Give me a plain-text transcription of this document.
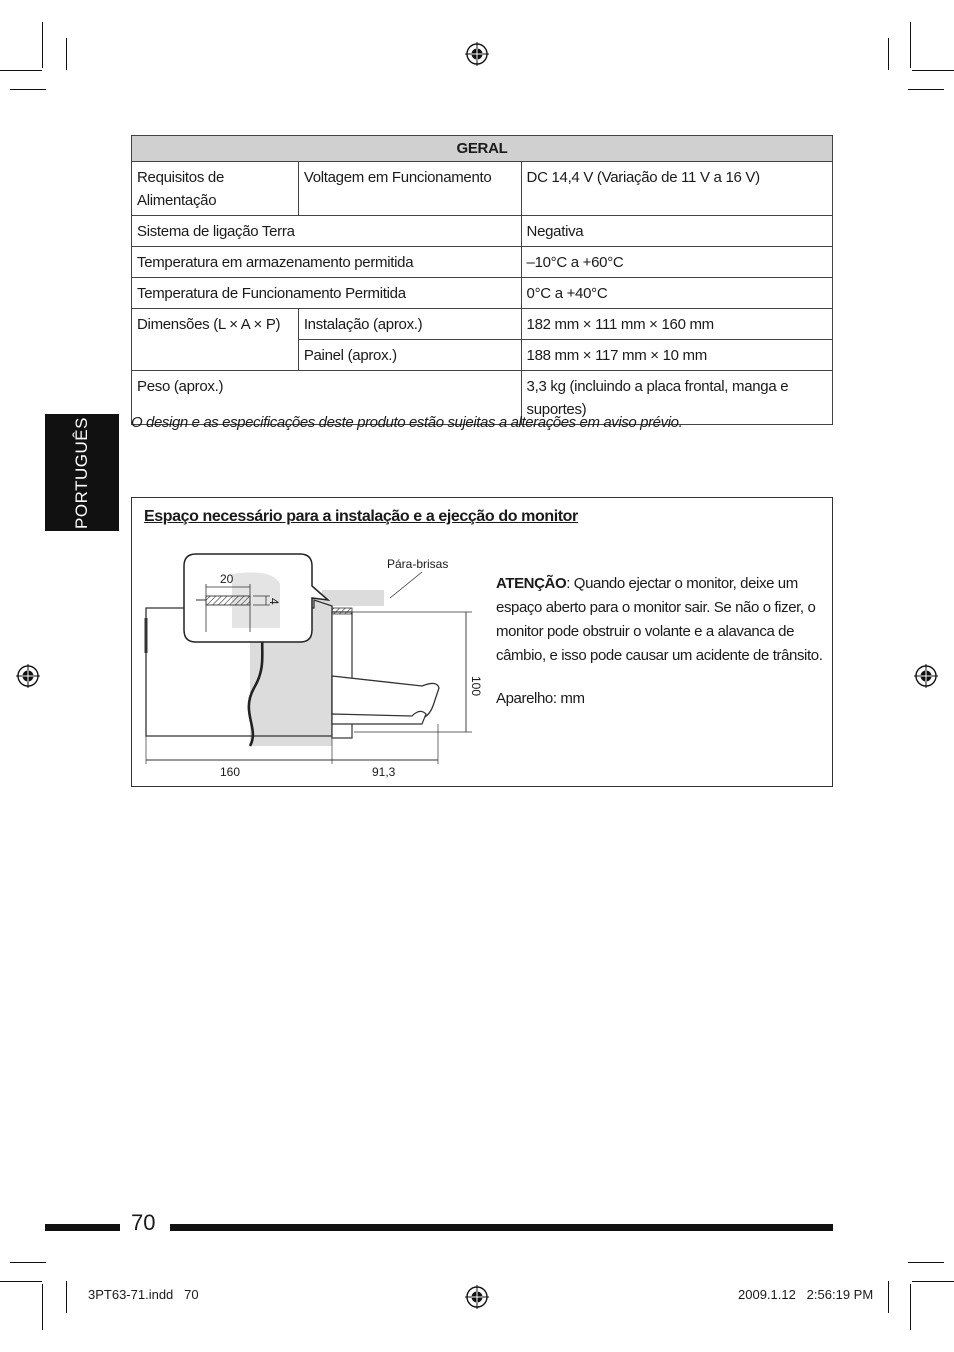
GERAL		
Requisitos de Alimentação	Voltagem em Funcionamento	DC 14,4 V (Variação de 11 V a 16 V)
Sistema de ligação Terra		Negativa
Temperatura em armazenamento permitida		–10°C a +60°C
Temperatura de Funcionamento Permitida		0°C a +40°C
Dimensões (L × A × P)	Instalação (aprox.)	182 mm × 111 mm × 160 mm
	Painel (aprox.)	188 mm × 117 mm × 10 mm
Peso (aprox.)		3,3 kg (incluindo a placa frontal, manga e suportes)
O design e as especificações deste produto estão sujeitas a alterações em aviso prévio.
PORTUGUÊS	Espaço necessário para a instalação e a ejecção do monitor
20
4
Pára-brisas
100
160	91,3
ATENÇÃO: Quando ejectar o monitor, deixe um espaço aberto para o monitor sair. Se não o fizer, o monitor pode obstruir o volante e a alavanca de câmbio, e isso pode causar um acidente de trânsito.
Aparelho: mm
70
3PT63-71.indd   70	2009.1.12   2:56:19 PM
